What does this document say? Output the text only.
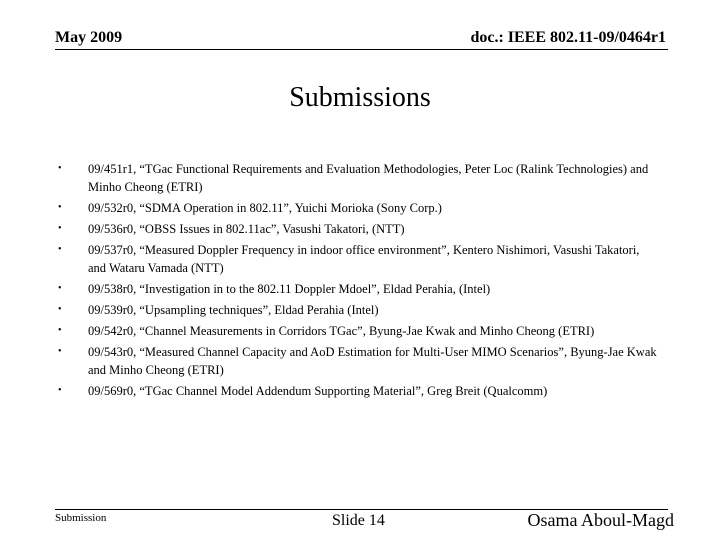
May 2009	doc.: IEEE 802.11-09/0464r1
Submissions
• 09/451r1, “TGac Functional Requirements and Evaluation Methodologies, Peter Loc (Ralink Technologies) and Minho Cheong (ETRI)
• 09/532r0, “SDMA Operation in 802.11”, Yuichi Morioka (Sony Corp.)
• 09/536r0, “OBSS Issues in 802.11ac”, Vasushi Takatori, (NTT)
• 09/537r0, “Measured Doppler Frequency in indoor office environment”, Kentero Nishimori, Vasushi Takatori, and Wataru Vamada (NTT)
• 09/538r0, “Investigation in to the 802.11 Doppler Mdoel”, Eldad Perahia, (Intel)
• 09/539r0, “Upsampling techniques”, Eldad Perahia (Intel)
• 09/542r0, “Channel Measurements in Corridors TGac”, Byung-Jae Kwak and Minho Cheong (ETRI)
• 09/543r0, “Measured Channel Capacity and AoD Estimation for Multi-User MIMO Scenarios”, Byung-Jae Kwak and Minho Cheong (ETRI)
• 09/569r0, “TGac Channel Model Addendum Supporting Material”, Greg Breit (Qualcomm)
Submission	Slide 14	Osama Aboul-Magd
